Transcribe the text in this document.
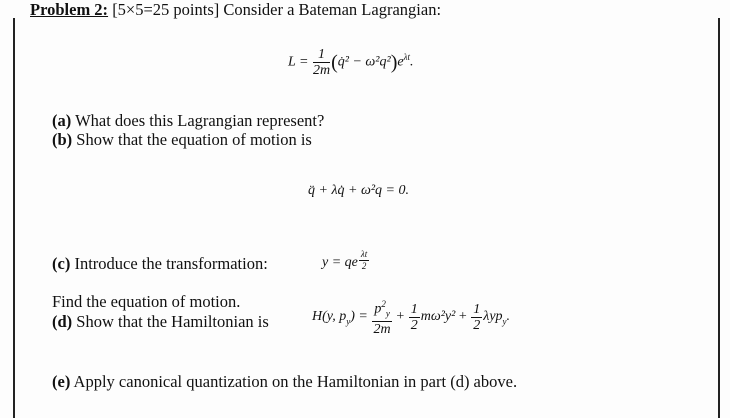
Problem 2: [5×5=25 points] Consider a Bateman Lagrangian:
$L = \frac{1}{2m}$ (q̇² − $\omega^2q^2)e^{\lambda t}$.
(a) What does this Lagrangian represent?
(b) Show that the equation of motion is
q̈ + λq̇ + ω²q = 0.
(c) Introduce the transformation:	y = qe $\frac{\lambda t}{2}$
Find the equation of motion.
(d) Show that the Hamiltonian is	H(y, $p_y) = \frac{p^2_y}{2m} + \frac{1}{2} m\omega^2y^2 + \frac{1}{2} \lambda yp_y$.
(e) Apply canonical quantization on the Hamiltonian in part (d) above.
